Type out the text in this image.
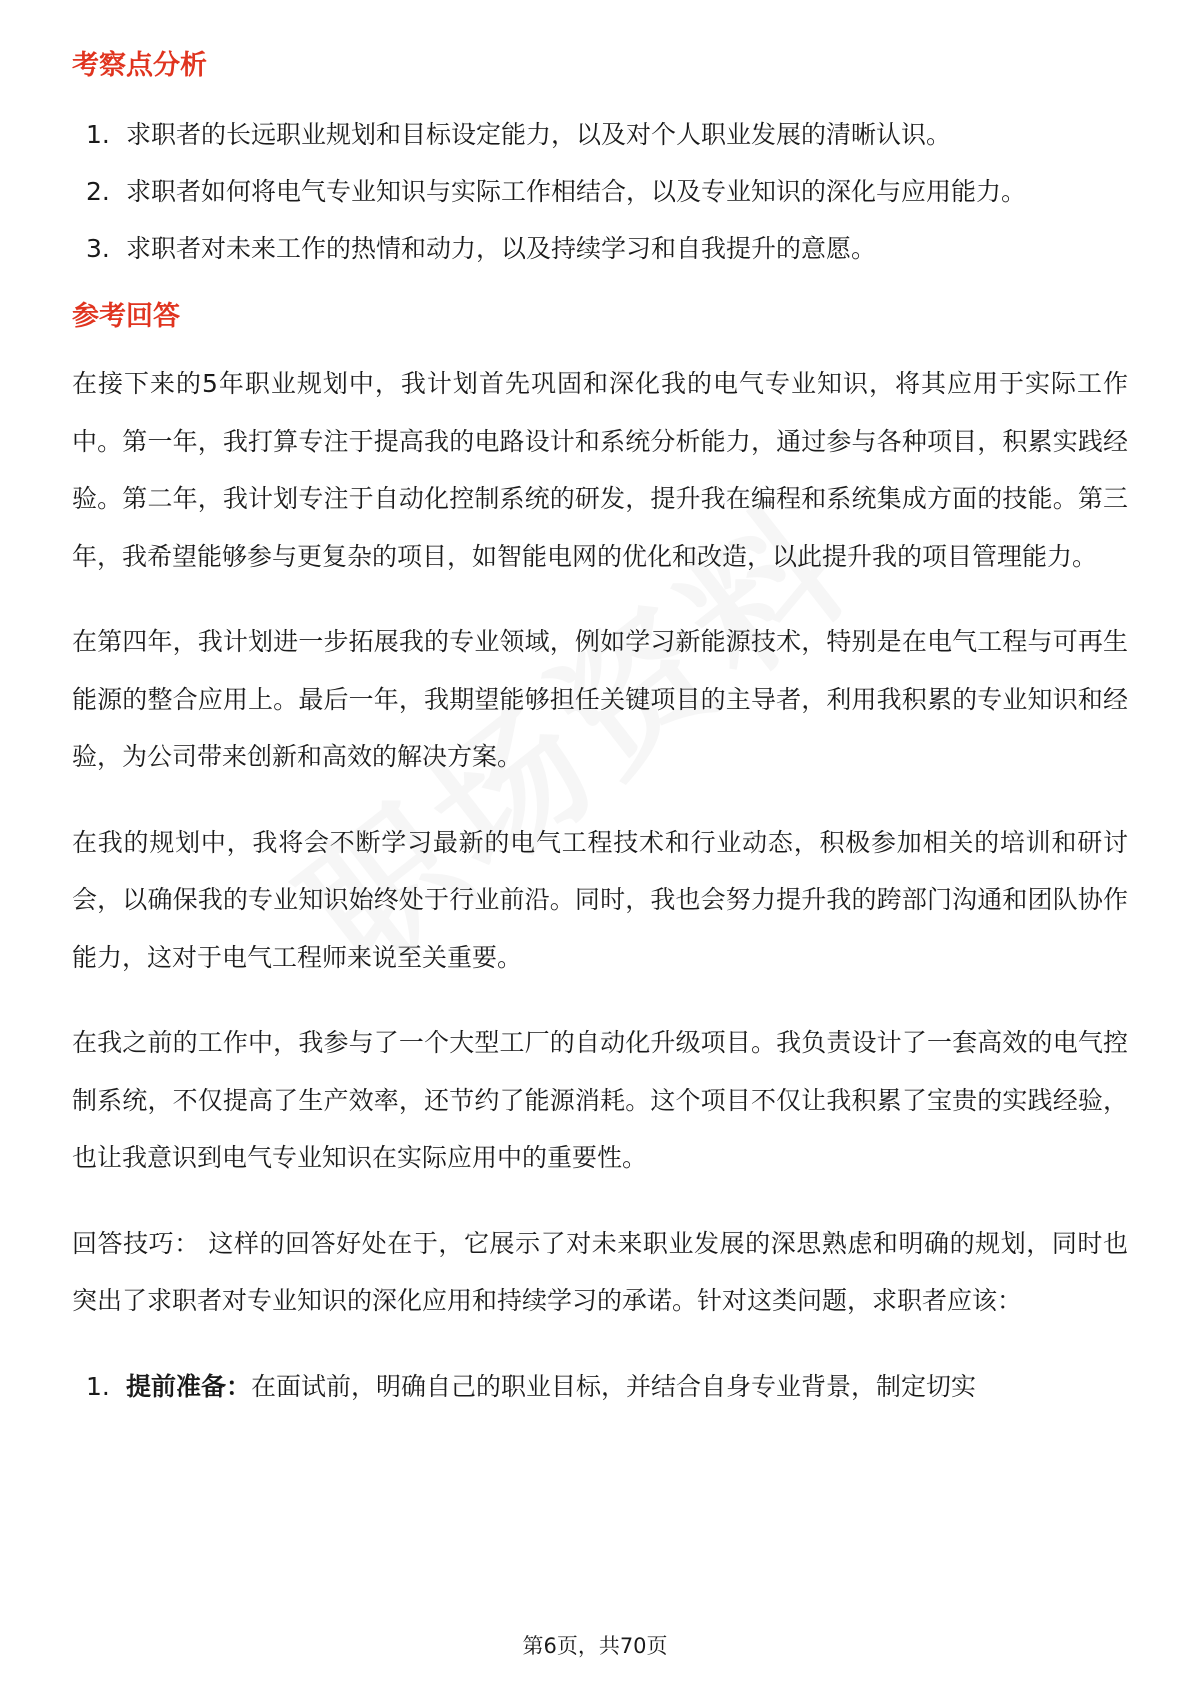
考察点分析
1. 求职者的长远职业规划和目标设定能力，以及对个人职业发展的清晰认识。
2. 求职者如何将电气专业知识与实际工作相结合，以及专业知识的深化与应用能力。
3. 求职者对未来工作的热情和动力，以及持续学习和自我提升的意愿。
参考回答

在接下来的5年职业规划中，我计划首先巩固和深化我的电气专业知识，将其应用于实际工作中。第一年，我打算专注于提高我的电路设计和系统分析能力，通过参与各种项目，积累实践经验。第二年，我计划专注于自动化控制系统的研发，提升我在编程和系统集成方面的技能。第三年，我希望能够参与更复杂的项目，如智能电网的优化和改造，以此提升我的项目管理能力。

在第四年，我计划进一步拓展我的专业领域，例如学习新能源技术，特别是在电气工程与可再生能源的整合应用上。最后一年，我期望能够担任关键项目的主导者，利用我积累的专业知识和经验，为公司带来创新和高效的解决方案。

在我的规划中，我将会不断学习最新的电气工程技术和行业动态，积极参加相关的培训和研讨会，以确保我的专业知识始终处于行业前沿。同时，我也会努力提升我的跨部门沟通和团队协作能力，这对于电气工程师来说至关重要。

在我之前的工作中，我参与了一个大型工厂的自动化升级项目。我负责设计了一套高效的电气控制系统，不仅提高了生产效率，还节约了能源消耗。这个项目不仅让我积累了宝贵的实践经验，也让我意识到电气专业知识在实际应用中的重要性。

回答技巧： 这样的回答好处在于，它展示了对未来职业发展的深思熟虑和明确的规划，同时也突出了求职者对专业知识的深化应用和持续学习的承诺。针对这类问题，求职者应该：

1. 提前准备：在面试前，明确自己的职业目标，并结合自身专业背景，制定切实
第6页，共70页
